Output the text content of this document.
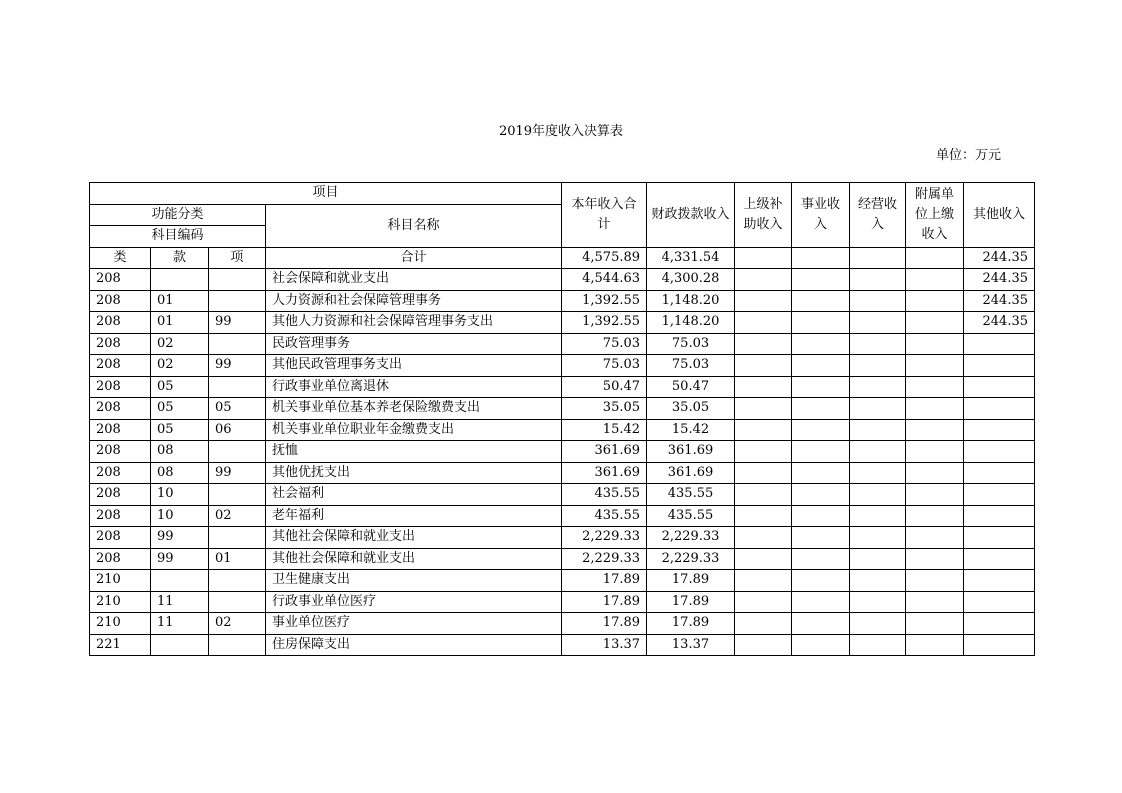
2019年度收入决算表
单位：万元
项目				本年收入合计	财政拨款收入	上级补助收入	事业收入	经营收入	附属单位上缴收入	其他收入
功能分类			科目名称							
科目编码										
类	款	项	合计	4,575.89	4,331.54					244.35
208			社会保障和就业支出	4,544.63	4,300.28					244.35
208	01		人力资源和社会保障管理事务	1,392.55	1,148.20					244.35
208	01	99	其他人力资源和社会保障管理事务支出	1,392.55	1,148.20					244.35
208	02		民政管理事务	75.03	75.03					
208	02	99	其他民政管理事务支出	75.03	75.03					
208	05		行政事业单位离退休	50.47	50.47					
208	05	05	机关事业单位基本养老保险缴费支出	35.05	35.05					
208	05	06	机关事业单位职业年金缴费支出	15.42	15.42					
208	08		抚恤	361.69	361.69					
208	08	99	其他优抚支出	361.69	361.69					
208	10		社会福利	435.55	435.55					
208	10	02	老年福利	435.55	435.55					
208	99		其他社会保障和就业支出	2,229.33	2,229.33					
208	99	01	其他社会保障和就业支出	2,229.33	2,229.33					
210			卫生健康支出	17.89	17.89					
210	11		行政事业单位医疗	17.89	17.89					
210	11	02	事业单位医疗	17.89	17.89					
221			住房保障支出	13.37	13.37					
